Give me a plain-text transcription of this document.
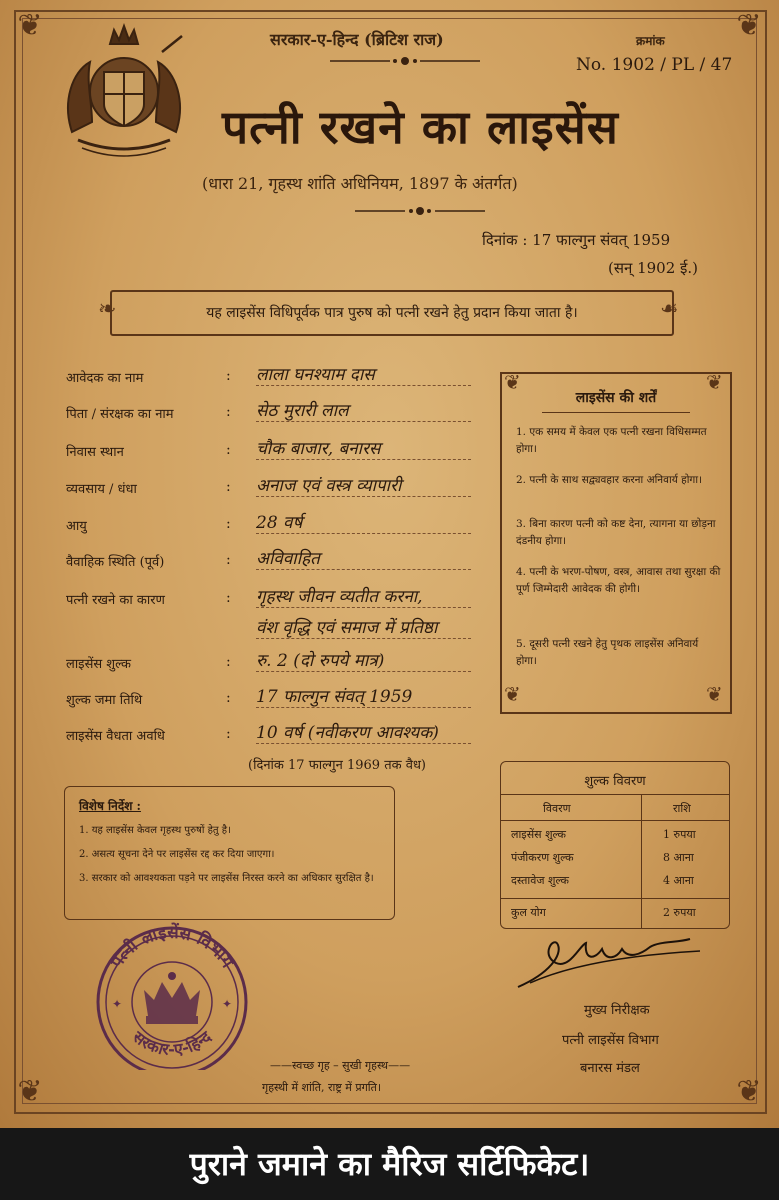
❦	❦
❦	❦
सरकार-ए-हिन्द (ब्रिटिश राज)	क्रमांक
No. 1902 / PL / 47
पत्नी रखने का लाइसेंस
(धारा 21, गृहस्थ शांति अधिनियम, 1897 के अंतर्गत)
दिनांक : 17 फाल्गुन संवत् 1959
(सन् 1902 ई.)
यह लाइसेंस विधिपूर्वक पात्र पुरुष को पत्नी रखने हेतु प्रदान किया जाता है।
❧	❧
आवेदक का नाम	: लाला घनश्याम दास
पिता / संरक्षक का नाम	: सेठ मुरारी लाल
निवास स्थान	: चौक बाजार, बनारस
व्यवसाय / धंधा	: अनाज एवं वस्त्र व्यापारी
आयु	: 28 वर्ष
वैवाहिक स्थिति (पूर्व)	: अविवाहित
पत्नी रखने का कारण	: गृहस्थ जीवन व्यतीत करना,
वंश वृद्धि एवं समाज में प्रतिष्ठा
लाइसेंस शुल्क	: रु. 2 (दो रुपये मात्र)
शुल्क जमा तिथि	: 17 फाल्गुन संवत् 1959
लाइसेंस वैधता अवधि	: 10 वर्ष (नवीकरण आवश्यक)
(दिनांक 17 फाल्गुन 1969 तक वैध)
❦	❦
❦	❦
लाइसेंस की शर्तें
1. एक समय में केवल एक पत्नी रखना विधिसम्मत होगा।
2. पत्नी के साथ सद्व्यवहार करना अनिवार्य होगा।
3. बिना कारण पत्नी को कष्ट देना, त्यागना या छोड़ना दंडनीय होगा।
4. पत्नी के भरण-पोषण, वस्त्र, आवास तथा सुरक्षा की पूर्ण जिम्मेदारी आवेदक की होगी।
5. दूसरी पत्नी रखने हेतु पृथक लाइसेंस अनिवार्य होगा।
विशेष निर्देश :
1. यह लाइसेंस केवल गृहस्थ पुरुषों हेतु है।
2. असत्य सूचना देने पर लाइसेंस रद्द कर दिया जाएगा।
3. सरकार को आवश्यकता पड़ने पर लाइसेंस निरस्त करने का अधिकार सुरक्षित है।
शुल्क विवरण
विवरण	राशि
लाइसेंस शुल्क	1 रुपया
पंजीकरण शुल्क	8 आना
दस्तावेज शुल्क	4 आना
कुल योग	2 रुपया
पत्नी लाइसेंस विभाग
सरकार-ए-हिन्द
✦	✦	मुख्य निरीक्षक
पत्नी लाइसेंस विभाग
बनारस मंडल
——स्वच्छ गृह – सुखी गृहस्थ——
गृहस्थी में शांति, राष्ट्र में प्रगति।
पुराने जमाने का मैरिज सर्टिफिकेट।
